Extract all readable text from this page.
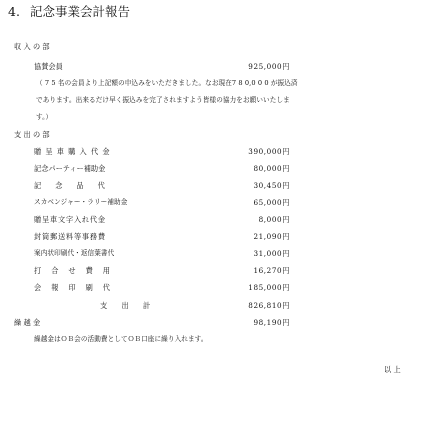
4. 記念事業会計報告
収 入 の 部
協賛会員	925,000円
（ 7 5 名の会員より上記額の申込みをいただきました。なお現在7 8 0,0 0 0 が振込済
であります。出来るだけ早く振込みを完了されますよう皆様の協力をお願いいたしま
す。）
支 出 の 部
贈呈車購入代金	390,000円
記念パーティー補助金	80,000円
記念品代	30,450円
スカベンジャー・ラリー補助金	65,000円
贈呈車文字入れ代金	8,000円
封筒郵送料等事務費	21,090円
案内状印刷代・返信葉書代	31,000円
打合せ費用	16,270円
会報印刷代	185,000円
支 出 計	826,810円
繰 越 金	98,190円
繰越金はＯＢ会の活動費としてＯＢ口座に繰り入れます。
以 上
